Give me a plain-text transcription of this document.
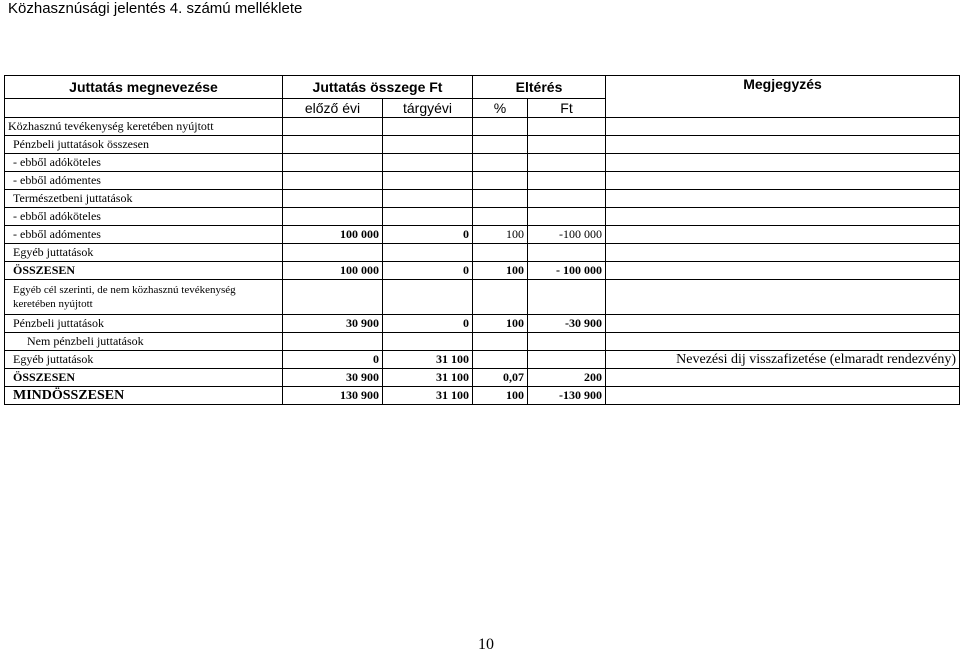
Közhasznúsági jelentés 4. számú melléklete
Juttatás megnevezése	Juttatás összege Ft		Eltérés		Megjegyzés
	előző évi	tárgyévi	%	Ft	
Közhasznú tevékenység keretében nyújtott					
Pénzbeli juttatások összesen					
- ebből adóköteles					
- ebből adómentes					
Természetbeni juttatások					
- ebből adóköteles					
- ebből adómentes	100 000	0	100	-100 000	
Egyéb juttatások					
ÖSSZESEN	100 000	0	100	- 100 000	
Egyéb cél szerinti, de nem közhasznú tevékenység keretében nyújtott					
Pénzbeli juttatások	30 900	0	100	-30 900	
Nem pénzbeli juttatások					
Egyéb juttatások	0	31 100			Nevezési dij visszafizetése (elmaradt rendezvény)
ÖSSZESEN	30 900	31 100	0,07	200	
MINDÖSSZESEN	130 900	31 100	100	-130 900	
10
